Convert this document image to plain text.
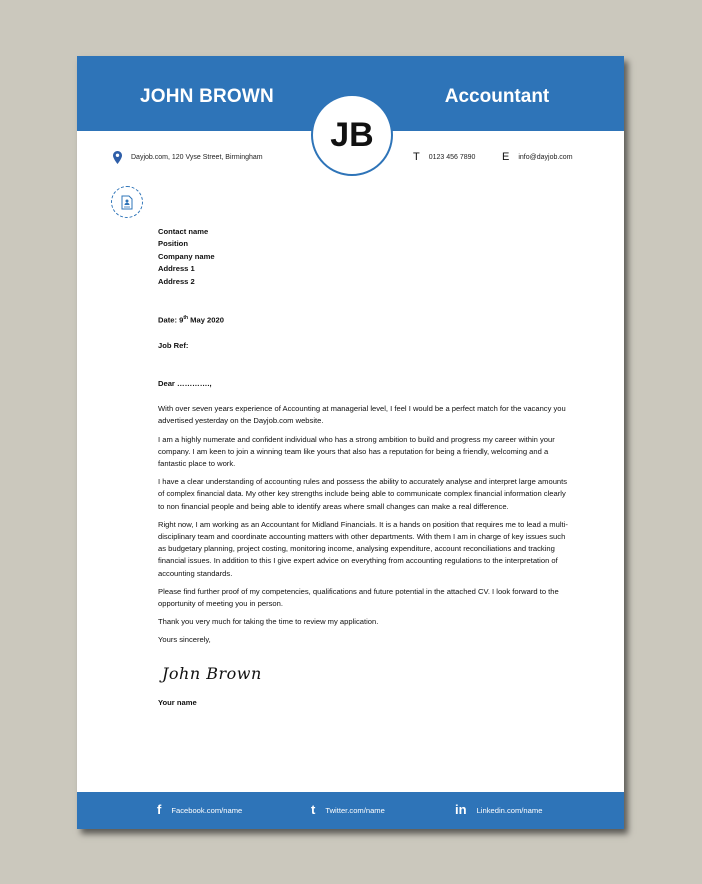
JOHN BROWN	Accountant
JB
Dayjob.com, 120 Vyse Street, Birmingham	T 0123 456 7890 E info@dayjob.com
Contact name
Position
Company name
Address 1
Address 2
Date: 9th May 2020
Job Ref:
Dear ………….,
With over seven years experience of Accounting at managerial level, I feel I would be a perfect match for the vacancy you advertised yesterday on the Dayjob.com website.
I am a highly numerate and confident individual who has a strong ambition to build and progress my career within your company. I am keen to join a winning team like yours that also has a reputation for being a friendly, welcoming and a fantastic place to work.
I have a clear understanding of accounting rules and possess the ability to accurately analyse and interpret large amounts of complex financial data. My other key strengths include being able to communicate complex financial information clearly to non financial people and being able to identify areas where small changes can make a real difference.
Right now, I am working as an Accountant for Midland Financials. It is a hands on position that requires me to lead a multi-disciplinary team and coordinate accounting matters with other departments. With them I am in charge of key issues such as budgetary planning, project costing, monitoring income, analysing expenditure, account reconciliations and tracking financial issues. In addition to this I give expert advice on everything from accounting regulations to the interpretation of accounting standards.
Please find further proof of my competencies, qualifications and future potential in the attached CV. I look forward to the opportunity of meeting you in person.
Thank you very much for taking the time to review my application.
Yours sincerely,
John Brown
Your name
f Facebook.com/name	t Twitter.com/name	in Linkedin.com/name
